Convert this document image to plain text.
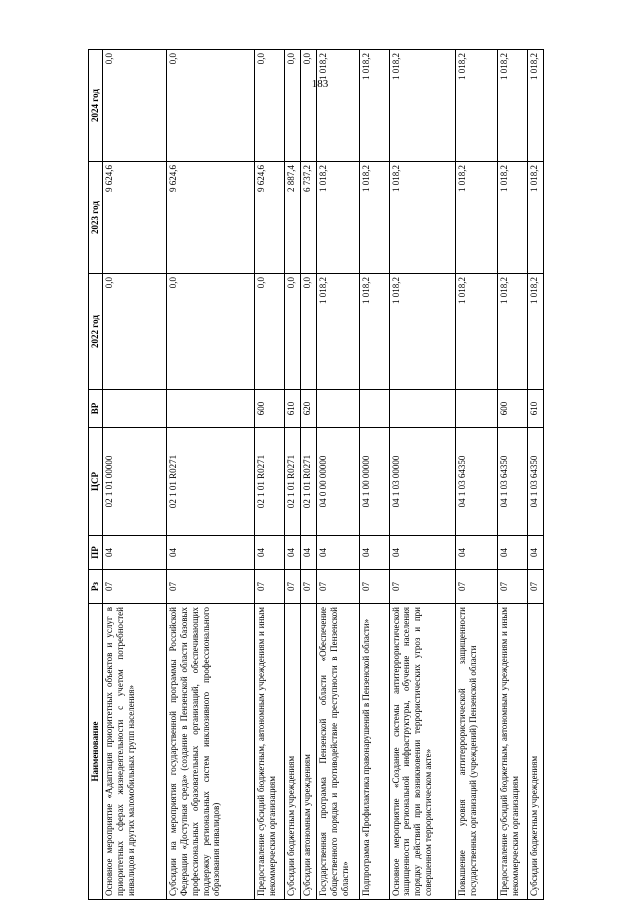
183
Наименование	Рз	ПР	ЦСР	ВР	2022 год	2023 год	2024 год
Основное мероприятие «Адаптация приоритетных объектов и услуг в приоритетных сферах жизнедеятельности с учетом потребностей инвалидов и других маломобильных групп населения»	07	04	02 1 01 00000		0,0	9 624,6	0,0
Субсидии на мероприятия государственной программы Российской Федерации «Доступная среда» (создание в Пензенской области базовых профессиональных образовательных организаций, обеспечивающих поддержку региональных систем инклюзивного профессионального образования инвалидов)	07	04	02 1 01 R0271		0,0	9 624,6	0,0
Предоставление субсидий бюджетным, автономным учреждениям и иным некоммерческим организациям	07	04	02 1 01 R0271	600	0,0	9 624,6	0,0
Субсидии бюджетным учреждениям	07	04	02 1 01 R0271	610	0,0	2 887,4	0,0
Субсидии автономным учреждениям	07	04	02 1 01 R0271	620	0,0	6 737,2	0,0
Государственная программа Пензенской области «Обеспечение общественного порядка и противодействие преступности в Пензенской области»	07	04	04 0 00 00000		1 018,2	1 018,2	1 018,2
Подпрограмма «Профилактика правонарушений в Пензенской области»	07	04	04 1 00 00000		1 018,2	1 018,2	1 018,2
Основное мероприятие «Создание системы антитеррористической защищенности региональной инфраструктуры, обучение населения порядку действий при возникновении террористических угроз и при совершенном террористическом акте»	07	04	04 1 03 00000		1 018,2	1 018,2	1 018,2
Повышение уровня антитеррористической защищенности государственных организаций (учреждений) Пензенской области	07	04	04 1 03 64350		1 018,2	1 018,2	1 018,2
Предоставление субсидий бюджетным, автономным учреждениям и иным некоммерческим организациям	07	04	04 1 03 64350	600	1 018,2	1 018,2	1 018,2
Субсидии бюджетным учреждениям	07	04	04 1 03 64350	610	1 018,2	1 018,2	1 018,2
